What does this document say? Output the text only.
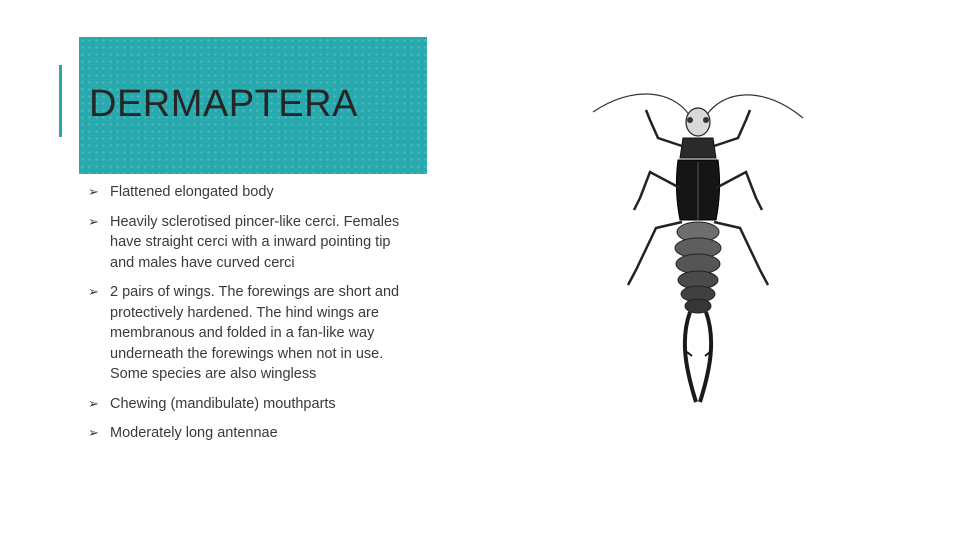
DERMAPTERA
➢ Flattened elongated body
➢ Heavily sclerotised pincer-like cerci. Females have straight cerci with a inward pointing tip and males have curved cerci
➢ 2 pairs of wings. The forewings are short and protectively hardened. The hind wings are membranous and folded in a fan-like way underneath the forewings when not in use. Some species are also wingless
➢ Chewing (mandibulate) mouthparts
➢ Moderately long antennae
